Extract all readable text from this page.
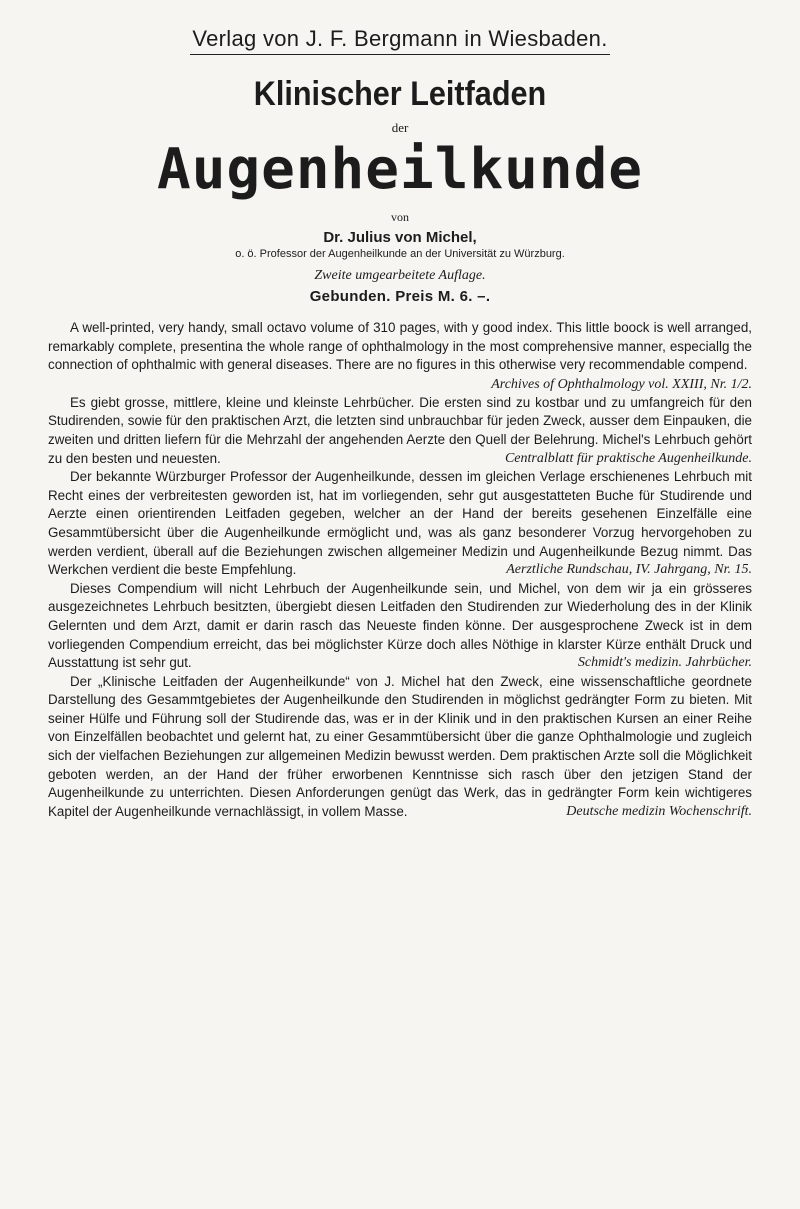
Verlag von J. F. Bergmann in Wiesbaden.
Klinischer Leitfaden
der
Augenheilkunde
von
Dr. Julius von Michel,
o. ö. Professor der Augenheilkunde an der Universität zu Würzburg.
Zweite umgearbeitete Auflage.
Gebunden. Preis M. 6. –.

A well-printed, very handy, small octavo volume of 310 pages, with y good index. This little boock is well arranged, remarkably complete, presentina the whole range of ophthalmology in the most comprehensive manner, especiallg the connection of ophthalmic with general diseases. There are no figures in this otherwise very recommendable compend.

Archives of Ophthalmology vol. XXIII, Nr. 1/2.

Es giebt grosse, mittlere, kleine und kleinste Lehrbücher. Die ersten sind zu kostbar und zu umfangreich für den Studirenden, sowie für den praktischen Arzt, die letzten sind unbrauchbar für jeden Zweck, ausser dem Einpauken, die zweiten und dritten liefern für die Mehrzahl der angehenden Aerzte den Quell der Belehrung. Michel's Lehrbuch gehört zu den besten und neuesten.	Centralblatt für praktische Augenheilkunde.

Der bekannte Würzburger Professor der Augenheilkunde, dessen im gleichen Verlage erschienenes Lehrbuch mit Recht eines der verbreitesten geworden ist, hat im vorliegenden, sehr gut ausgestatteten Buche für Studirende und Aerzte einen orientirenden Leitfaden gegeben, welcher an der Hand der bereits gesehenen Einzelfälle eine Gesammtübersicht über die Augenheilkunde ermöglicht und, was als ganz besonderer Vorzug hervorgehoben zu werden verdient, überall auf die Beziehungen zwischen allgemeiner Medizin und Augenheilkunde Bezug nimmt. Das Werkchen verdient die beste Empfehlung.	Aerztliche Rundschau, IV. Jahrgang, Nr. 15.

Dieses Compendium will nicht Lehrbuch der Augenheilkunde sein, und Michel, von dem wir ja ein grösseres ausgezeichnetes Lehrbuch besitzten, übergiebt diesen Leitfaden den Studirenden zur Wiederholung des in der Klinik Gelernten und dem Arzt, damit er darin rasch das Neueste finden könne. Der ausgesprochene Zweck ist in dem vorliegenden Compendium erreicht, das bei möglichster Kürze doch alles Nöthige in klarster Kürze enthält Druck und Ausstattung ist sehr gut.	Schmidt's medizin. Jahrbücher.

Der „Klinische Leitfaden der Augenheilkunde“ von J. Michel hat den Zweck, eine wissenschaftliche geordnete Darstellung des Gesammtgebietes der Augenheilkunde den Studirenden in möglichst gedrängter Form zu bieten. Mit seiner Hülfe und Führung soll der Studirende das, was er in der Klinik und in den praktischen Kursen an einer Reihe von Einzelfällen beobachtet und gelernt hat, zu einer Gesammtübersicht über die ganze Ophthalmologie und zugleich sich der vielfachen Beziehungen zur allgemeinen Medizin bewusst werden. Dem praktischen Arzte soll die Möglichkeit geboten werden, an der Hand der früher erworbenen Kenntnisse sich rasch über den jetzigen Stand der Augenheilkunde zu unterrichten. Diesen Anforderungen genügt das Werk, das in gedrängter Form kein wichtigeres Kapitel der Augenheilkunde vernachlässigt, in vollem Masse.	Deutsche medizin Wochenschrift.
